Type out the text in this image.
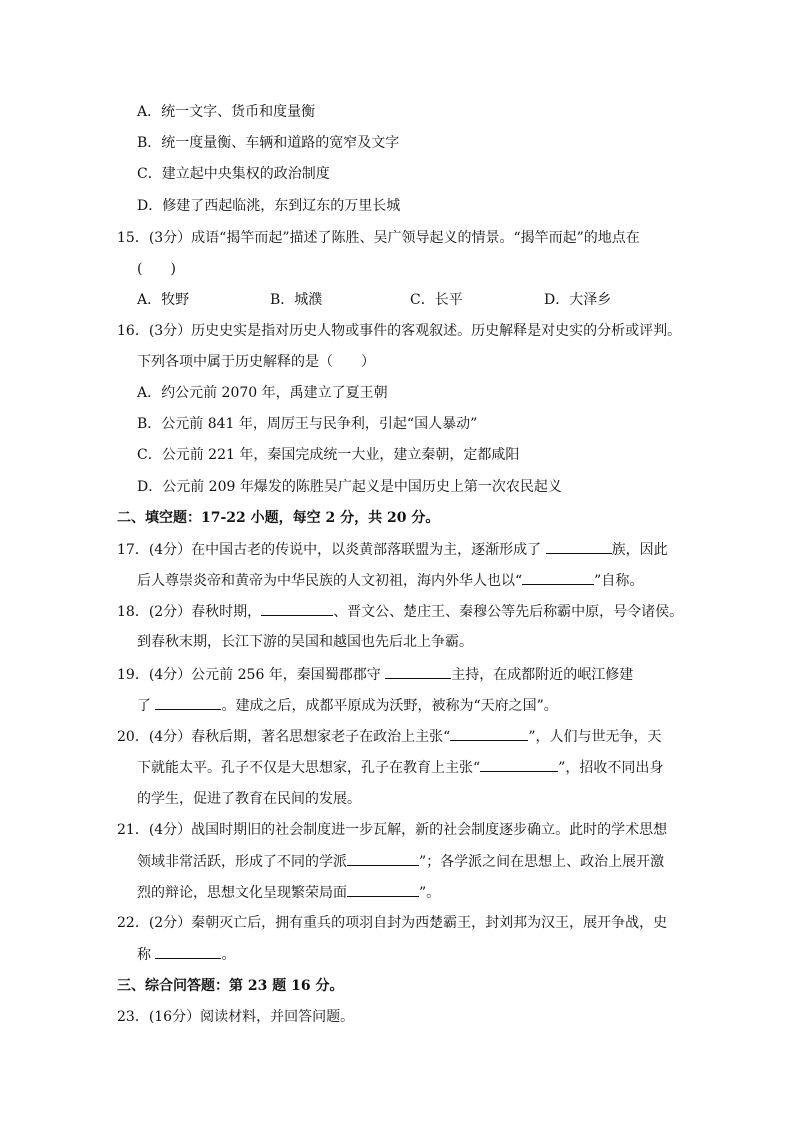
A．统一文字、货币和度量衡
B．统一度量衡、车辆和道路的宽窄及文字
C．建立起中央集权的政治制度
D．修建了西起临洮，东到辽东的万里长城
15．(3分）成语“揭竿而起”描述了陈胜、吴广领导起义的情景。“揭竿而起”的地点在
(　　)
A．牧野	B．城濮	C．长平	D．大泽乡
16．(3分）历史史实是指对历史人物或事件的客观叙述。历史解释是对史实的分析或评判。
下列各项中属于历史解释的是（　　）
A．约公元前 2070 年，禹建立了夏王朝
B．公元前 841 年，周厉王与民争利，引起“国人暴动”
C．公元前 221 年，秦国完成统一大业，建立秦朝，定都咸阳
D．公元前 209 年爆发的陈胜吴广起义是中国历史上第一次农民起义
二、填空题：17-22 小题，每空 2 分，共 20 分。
17．(4分）在中国古老的传说中，以炎黄部落联盟为主，逐渐形成了	族，因此
后人尊崇炎帝和黄帝为中华民族的人文初祖，海内外华人也以“	”自称。
18．(2分）春秋时期，	、晋文公、楚庄王、秦穆公等先后称霸中原，号令诸侯。
到春秋末期，长江下游的吴国和越国也先后北上争霸。
19．(4分）公元前 256 年，秦国蜀郡郡守	主持，在成都附近的岷江修建
了	。建成之后，成都平原成为沃野，被称为“天府之国”。
20．(4分）春秋后期，著名思想家老子在政治上主张“	”，人们与世无争，天
下就能太平。孔子不仅是大思想家，孔子在教育上主张“	”，招收不同出身
的学生，促进了教育在民间的发展。
21．(4分）战国时期旧的社会制度进一步瓦解，新的社会制度逐步确立。此时的学术思想
领域非常活跃，形成了不同的学派	”；各学派之间在思想上、政治上展开激
烈的辩论，思想文化呈现繁荣局面	”。
22．(2分）秦朝灭亡后，拥有重兵的项羽自封为西楚霸王，封刘邦为汉王，展开争战，史
称	。
三、综合问答题：第 23 题 16 分。
23．(16分）阅读材料，并回答问题。
